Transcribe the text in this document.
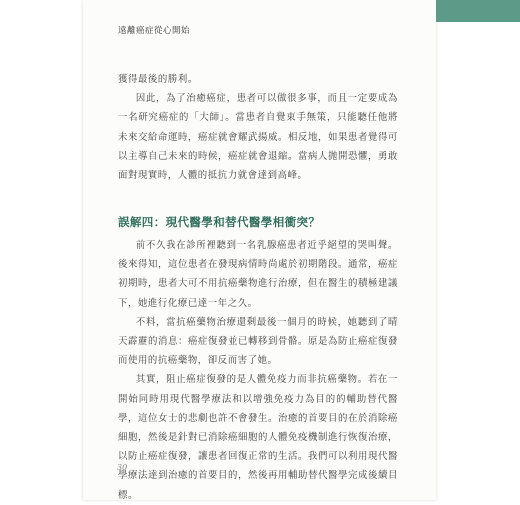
遠離癌症從心開始

獲得最後的勝利。

因此，為了治癒癌症，患者可以做很多事，而且一定要成為一名研究癌症的「大師」。當患者自覺束手無策，只能聽任他將未來交給命運時，癌症就會耀武揚威。相反地，如果患者覺得可以主導自己未來的時候，癌症就會退縮。當病人拋開恐懼，勇敢面對現實時，人體的抵抗力就會達到高峰。

誤解四：現代醫學和替代醫學相衝突？

前不久我在診所裡聽到一名乳腺癌患者近乎絕望的哭叫聲。後來得知，這位患者在發現病情時尚處於初期階段。通常，癌症初期時，患者大可不用抗癌藥物進行治療，但在醫生的積極建議下，她進行化療已達一年之久。

不料，當抗癌藥物治療還剩最後一個月的時候，她聽到了晴天霹靂的消息：癌症復發並已轉移到骨骼。原是為防止癌症復發而使用的抗癌藥物，卻反而害了她。

其實，阻止癌症復發的是人體免疫力而非抗癌藥物。若在一開始同時用現代醫學療法和以增強免疫力為目的的輔助替代醫學，這位女士的悲劇也許不會發生。治癒的首要目的在於消除癌細胞，然後是針對已消除癌細胞的人體免疫機制進行恢復治療，以防止癌症復發，讓患者回復正常的生活。我們可以利用現代醫學療法達到治癒的首要目的，然後再用輔助替代醫學完成後續目標。

30
